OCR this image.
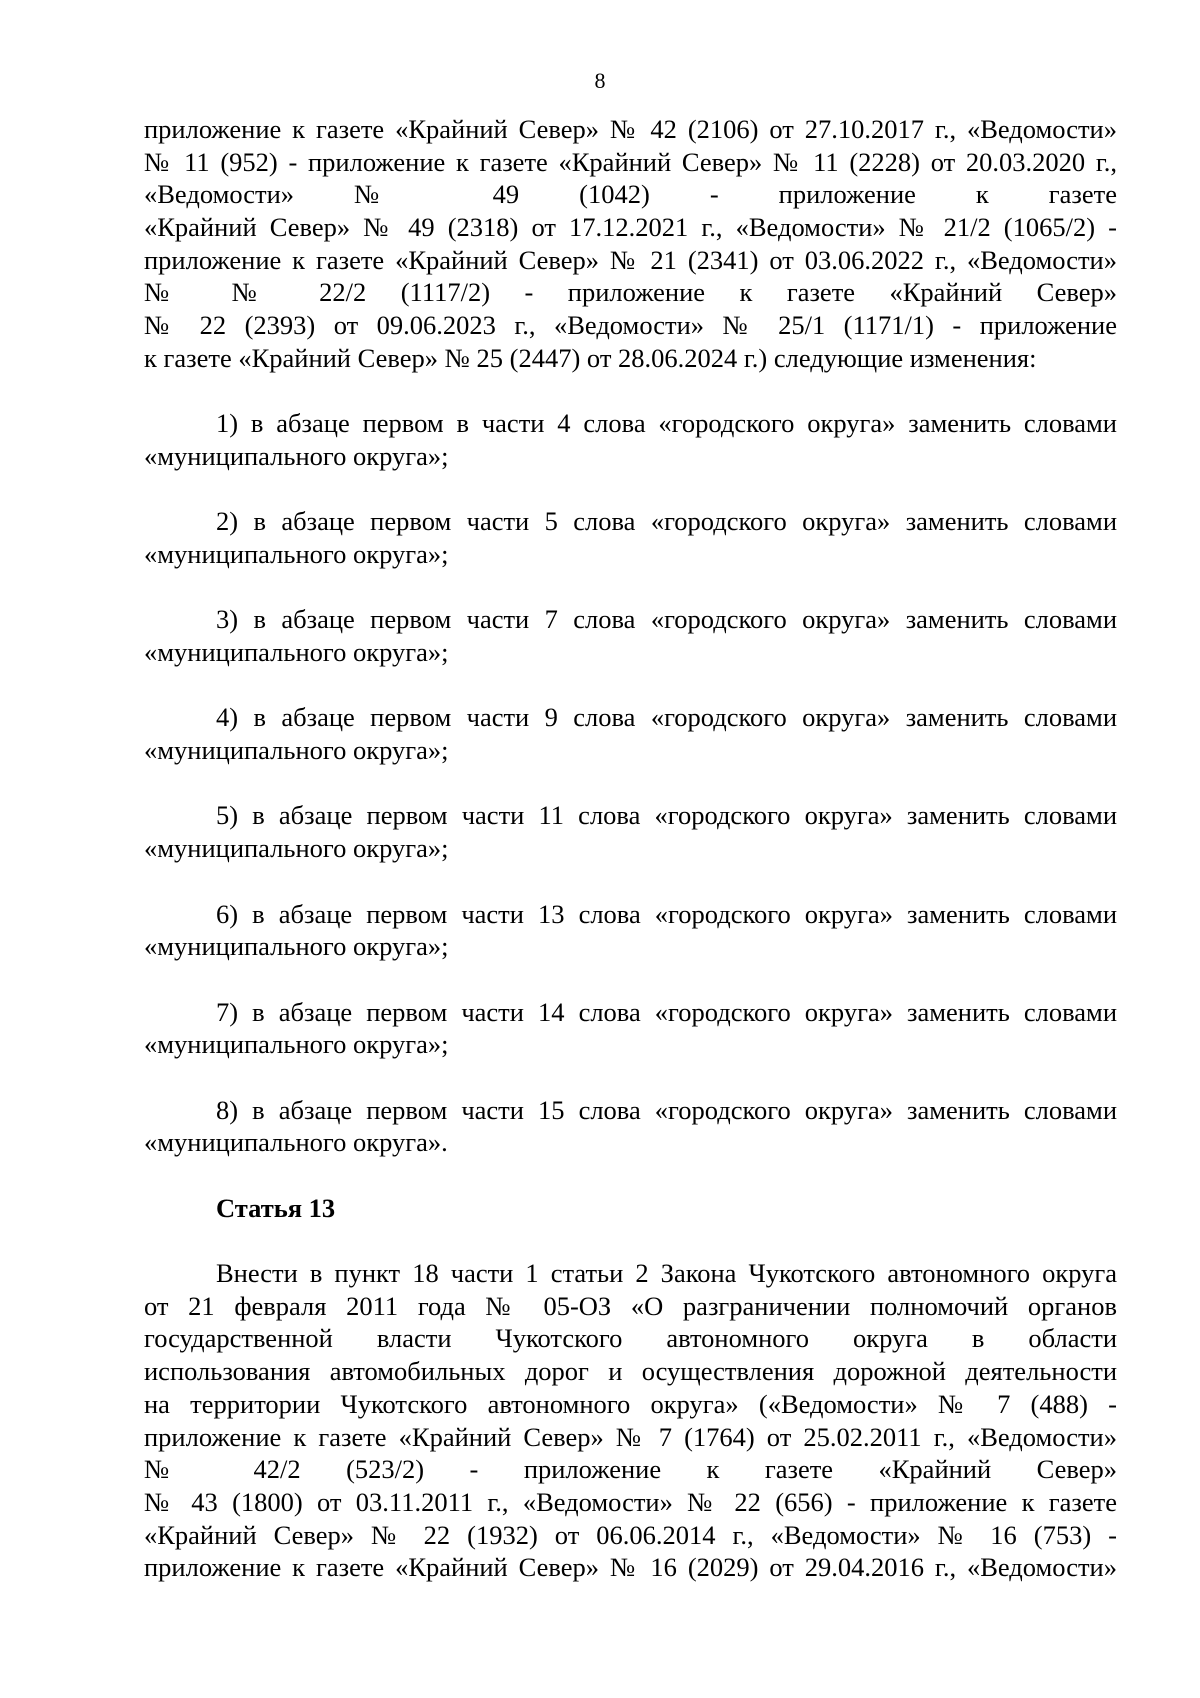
8
приложение к газете «Крайний Север» № 42 (2106) от 27.10.2017 г., «Ведомости»
№ 11 (952) - приложение к газете «Крайний Север» № 11 (2228) от 20.03.2020 г.,
«Ведомости» № 49 (1042) - приложение к газете
«Крайний Север» № 49 (2318) от 17.12.2021 г., «Ведомости» № 21/2 (1065/2) -
приложение к газете «Крайний Север» № 21 (2341) от 03.06.2022 г., «Ведомости»
№ № 22/2 (1117/2) - приложение к газете «Крайний Север»
№ 22 (2393) от 09.06.2023 г., «Ведомости» № 25/1 (1171/1) - приложение
к газете «Крайний Север» № 25 (2447) от 28.06.2024 г.) следующие изменения:
1) в абзаце первом в части 4 слова «городского округа» заменить словами
«муниципального округа»;
2) в абзаце первом части 5 слова «городского округа» заменить словами
«муниципального округа»;
3) в абзаце первом части 7 слова «городского округа» заменить словами
«муниципального округа»;
4) в абзаце первом части 9 слова «городского округа» заменить словами
«муниципального округа»;
5) в абзаце первом части 11 слова «городского округа» заменить словами
«муниципального округа»;
6) в абзаце первом части 13 слова «городского округа» заменить словами
«муниципального округа»;
7) в абзаце первом части 14 слова «городского округа» заменить словами
«муниципального округа»;
8) в абзаце первом части 15 слова «городского округа» заменить словами
«муниципального округа».
Статья 13
Внести в пункт 18 части 1 статьи 2 Закона Чукотского автономного округа
от 21 февраля 2011 года № 05-ОЗ «О разграничении полномочий органов
государственной власти Чукотского автономного округа в области
использования автомобильных дорог и осуществления дорожной деятельности
на территории Чукотского автономного округа» («Ведомости» № 7 (488) -
приложение к газете «Крайний Север» № 7 (1764) от 25.02.2011 г., «Ведомости»
№ 42/2 (523/2) - приложение к газете «Крайний Север»
№ 43 (1800) от 03.11.2011 г., «Ведомости» № 22 (656) - приложение к газете
«Крайний Север» № 22 (1932) от 06.06.2014 г., «Ведомости» № 16 (753) -
приложение к газете «Крайний Север» № 16 (2029) от 29.04.2016 г., «Ведомости»
